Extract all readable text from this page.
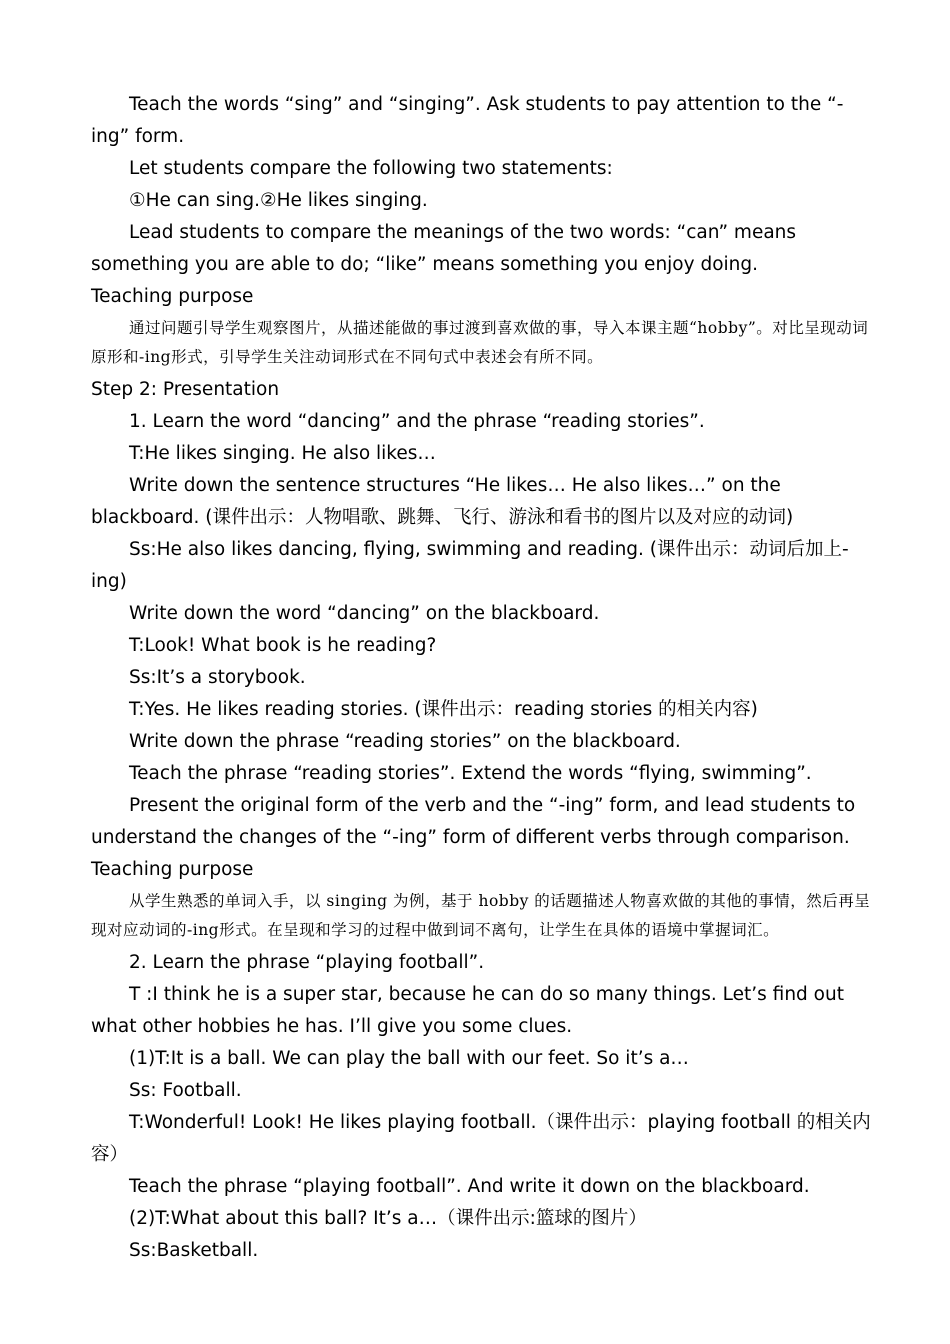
Teach the words “sing” and “singing”. Ask students to pay attention to the “-ing” form.

Let students compare the following two statements:

①He can sing.②He likes singing.

Lead students to compare the meanings of the two words: “can” means something you are able to do; “like” means something you enjoy doing.

Teaching purpose

通过问题引导学生观察图片，从描述能做的事过渡到喜欢做的事，导入本课主题“hobby”。对比呈现动词原形和-ing形式，引导学生关注动词形式在不同句式中表述会有所不同。

Step 2: Presentation

1. Learn the word “dancing” and the phrase “reading stories”.

T:He likes singing. He also likes…

Write down the sentence structures “He likes… He also likes…” on the blackboard. (课件出示：人物唱歌、跳舞、飞行、游泳和看书的图片以及对应的动词)

Ss:He also likes dancing, flying, swimming and reading. (课件出示：动词后加上-ing)

Write down the word “dancing” on the blackboard.

T:Look! What book is he reading?

Ss:It’s a storybook.

T:Yes. He likes reading stories. (课件出示：reading stories 的相关内容)

Write down the phrase “reading stories” on the blackboard.

Teach the phrase “reading stories”. Extend the words “flying, swimming”.

Present the original form of the verb and the “-ing” form, and lead students to understand the changes of the “-ing” form of different verbs through comparison.

Teaching purpose

从学生熟悉的单词入手，以 singing 为例，基于 hobby 的话题描述人物喜欢做的其他的事情，然后再呈现对应动词的-ing形式。在呈现和学习的过程中做到词不离句，让学生在具体的语境中掌握词汇。

2. Learn the phrase “playing football”.

T :I think he is a super star, because he can do so many things. Let’s find out what other hobbies he has. I’ll give you some clues.

(1)T:It is a ball. We can play the ball with our feet. So it’s a…

Ss: Football.

T:Wonderful! Look! He likes playing football.（课件出示：playing football 的相关内容）

Teach the phrase “playing football”. And write it down on the blackboard.

(2)T:What about this ball? It’s a…（课件出示:篮球的图片）

Ss:Basketball.
